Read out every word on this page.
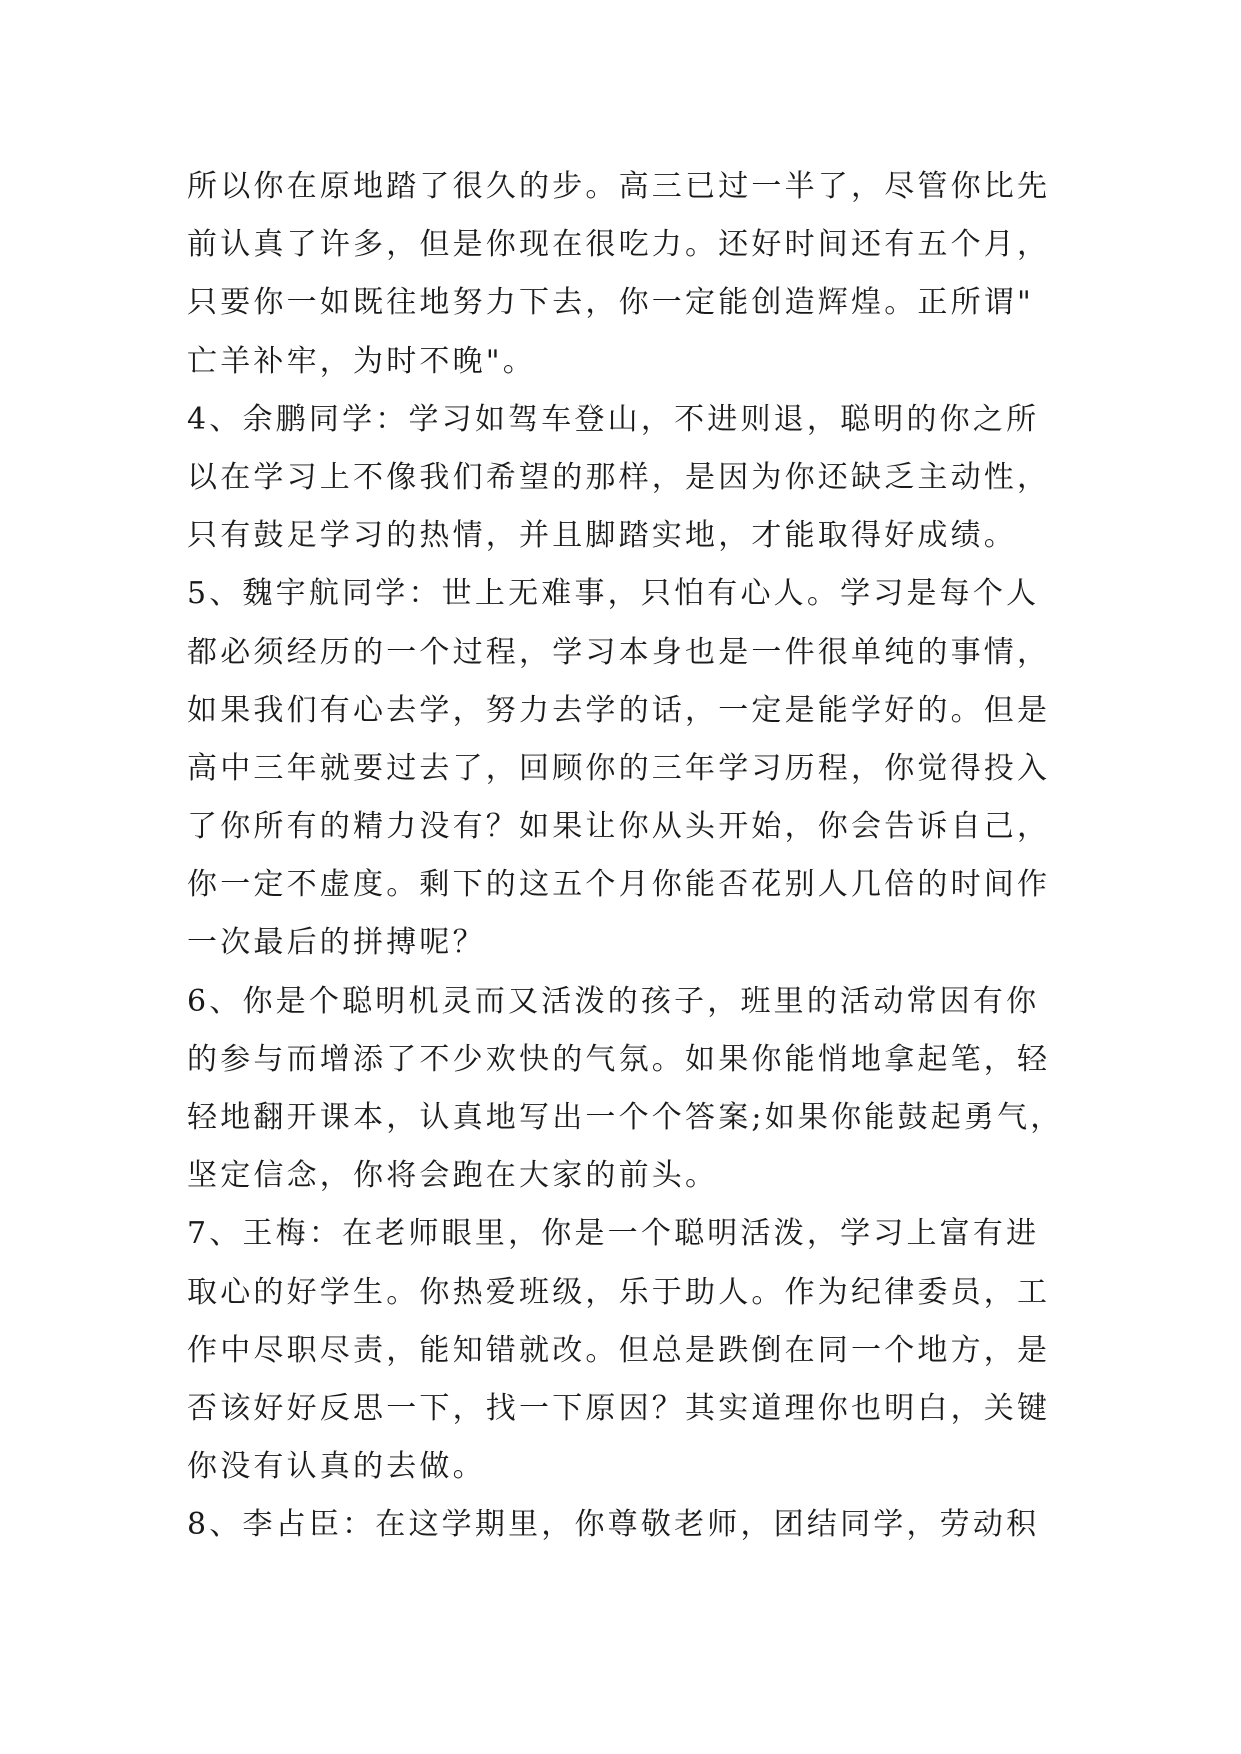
所以你在原地踏了很久的步。高三已过一半了，尽管你比先
前认真了许多，但是你现在很吃力。还好时间还有五个月，
只要你一如既往地努力下去，你一定能创造辉煌。正所谓"
亡羊补牢，为时不晚"。
4、余鹏同学：学习如驾车登山，不进则退，聪明的你之所
以在学习上不像我们希望的那样，是因为你还缺乏主动性，
只有鼓足学习的热情，并且脚踏实地，才能取得好成绩。
5、魏宇航同学：世上无难事，只怕有心人。学习是每个人
都必须经历的一个过程，学习本身也是一件很单纯的事情，
如果我们有心去学，努力去学的话，一定是能学好的。但是
高中三年就要过去了，回顾你的三年学习历程，你觉得投入
了你所有的精力没有？如果让你从头开始，你会告诉自己，
你一定不虚度。剩下的这五个月你能否花别人几倍的时间作
一次最后的拼搏呢？
6、你是个聪明机灵而又活泼的孩子，班里的活动常因有你
的参与而增添了不少欢快的气氛。如果你能悄地拿起笔，轻
轻地翻开课本，认真地写出一个个答案;如果你能鼓起勇气，
坚定信念，你将会跑在大家的前头。
7、王梅：在老师眼里，你是一个聪明活泼，学习上富有进
取心的好学生。你热爱班级，乐于助人。作为纪律委员，工
作中尽职尽责，能知错就改。但总是跌倒在同一个地方，是
否该好好反思一下，找一下原因？其实道理你也明白，关键
你没有认真的去做。
8、李占臣：在这学期里，你尊敬老师，团结同学，劳动积
